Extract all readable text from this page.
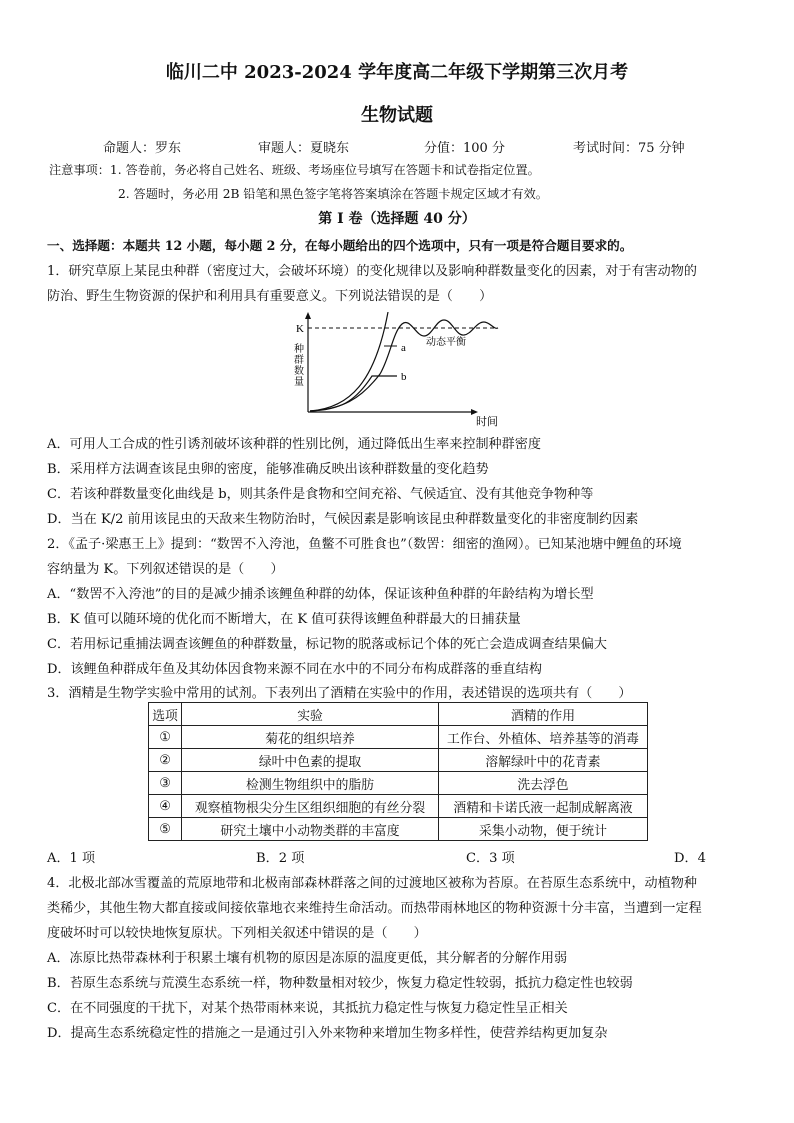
临川二中 2023-2024 学年度高二年级下学期第三次月考
生物试题
命题人：罗东	审题人：夏晓东	分值：100 分	考试时间：75 分钟
注意事项：1. 答卷前，务必将自己姓名、班级、考场座位号填写在答题卡和试卷指定位置。
2. 答题时，务必用 2B 铅笔和黑色签字笔将答案填涂在答题卡规定区域才有效。
第 I 卷（选择题 40 分）
一、选择题：本题共 12 小题，每小题 2 分，在每小题给出的四个选项中，只有一项是符合题目要求的。
1．研究草原上某昆虫种群（密度过大，会破坏环境）的变化规律以及影响种群数量变化的因素，对于有害动物的
防治、野生生物资源的保护和利用具有重要意义。下列说法错误的是（　　）
K
种
群
数
量
时间
a
b
动态平衡
A．可用人工合成的性引诱剂破坏该种群的性别比例，通过降低出生率来控制种群密度
B．采用样方法调查该昆虫卵的密度，能够准确反映出该种群数量的变化趋势
C．若该种群数量变化曲线是 b，则其条件是食物和空间充裕、气候适宜、没有其他竞争物种等
D．当在 K/2 前用该昆虫的天敌来生物防治时，气候因素是影响该昆虫种群数量变化的非密度制约因素
2．《孟子·梁惠王上》提到：“数罟不入洿池，鱼鳖不可胜食也”（数罟：细密的渔网）。已知某池塘中鲤鱼的环境
容纳量为 K。下列叙述错误的是（　　）
A．“数罟不入洿池”的目的是减少捕杀该鲤鱼种群的幼体，保证该种鱼种群的年龄结构为增长型
B．K 值可以随环境的优化而不断增大，在 K 值可获得该鲤鱼种群最大的日捕获量
C．若用标记重捕法调查该鲤鱼的种群数量，标记物的脱落或标记个体的死亡会造成调查结果偏大
D．该鲤鱼种群成年鱼及其幼体因食物来源不同在水中的不同分布构成群落的垂直结构
3．酒精是生物学实验中常用的试剂。下表列出了酒精在实验中的作用，表述错误的选项共有（　　）
选项	实验	酒精的作用
①	菊花的组织培养	工作台、外植体、培养基等的消毒
②	绿叶中色素的提取	溶解绿叶中的花青素
③	检测生物组织中的脂肪	洗去浮色
④	观察植物根尖分生区组织细胞的有丝分裂	酒精和卡诺氏液一起制成解离液
⑤	研究土壤中小动物类群的丰富度	采集小动物，便于统计
A．1 项	B．2 项	C．3 项	D．4
4．北极北部冰雪覆盖的荒原地带和北极南部森林群落之间的过渡地区被称为苔原。在苔原生态系统中，动植物种
类稀少，其他生物大都直接或间接依靠地衣来维持生命活动。而热带雨林地区的物种资源十分丰富，当遭到一定程
度破坏时可以较快地恢复原状。下列相关叙述中错误的是（　　）
A．冻原比热带森林利于积累土壤有机物的原因是冻原的温度更低，其分解者的分解作用弱
B．苔原生态系统与荒漠生态系统一样，物种数量相对较少，恢复力稳定性较弱，抵抗力稳定性也较弱
C．在不同强度的干扰下，对某个热带雨林来说，其抵抗力稳定性与恢复力稳定性呈正相关
D．提高生态系统稳定性的措施之一是通过引入外来物种来增加生物多样性，使营养结构更加复杂
